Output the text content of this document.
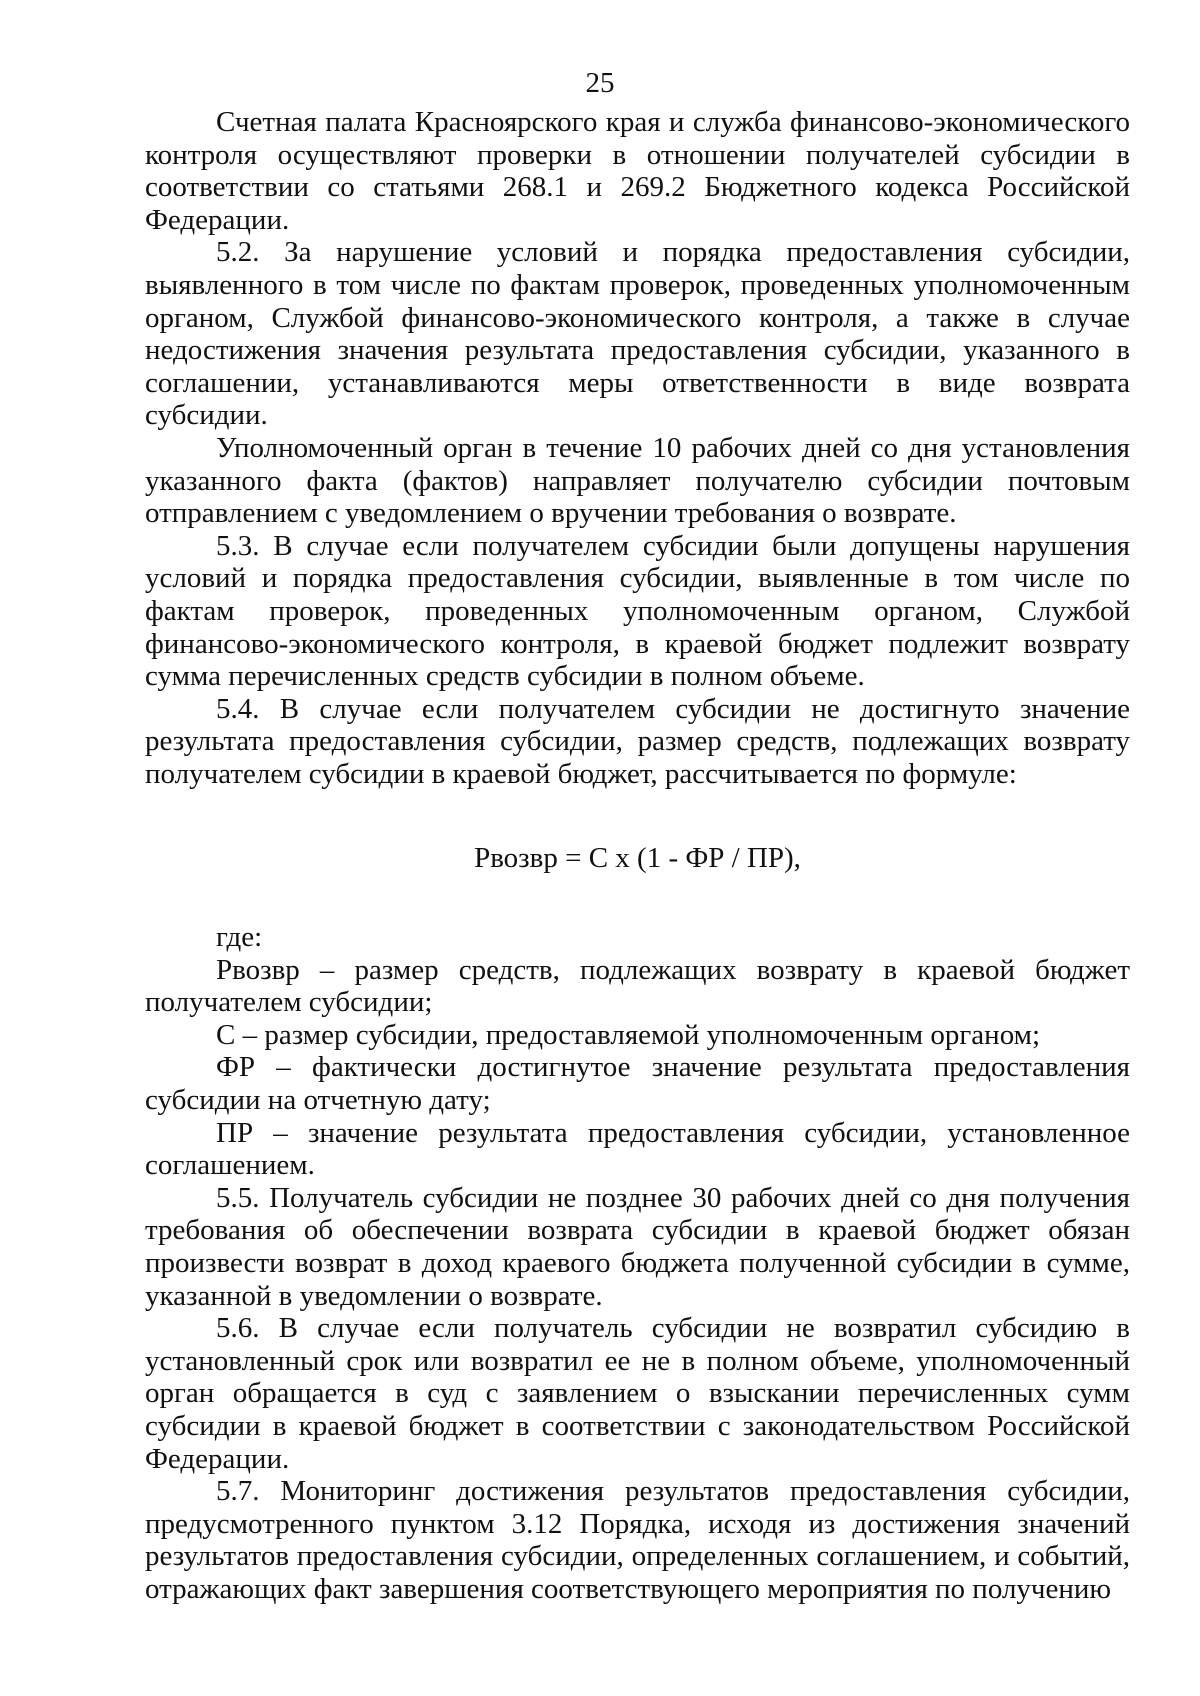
25

Счетная палата Красноярского края и служба финансово-экономического контроля осуществляют проверки в отношении получателей субсидии в соответствии со статьями 268.1 и 269.2 Бюджетного кодекса Российской Федерации.

5.2. За нарушение условий и порядка предоставления субсидии, выявленного в том числе по фактам проверок, проведенных уполномоченным органом, Службой финансово-экономического контроля, а также в случае недостижения значения результата предоставления субсидии, указанного в соглашении, устанавливаются меры ответственности в виде возврата субсидии.

Уполномоченный орган в течение 10 рабочих дней со дня установления указанного факта (фактов) направляет получателю субсидии почтовым отправлением с уведомлением о вручении требования о возврате.

5.3. В случае если получателем субсидии были допущены нарушения условий и порядка предоставления субсидии, выявленные в том числе по фактам проверок, проведенных уполномоченным органом, Службой финансово-экономического контроля, в краевой бюджет подлежит возврату сумма перечисленных средств субсидии в полном объеме.

5.4. В случае если получателем субсидии не достигнуто значение результата предоставления субсидии, размер средств, подлежащих возврату получателем субсидии в краевой бюджет, рассчитывается по формуле:

Рвозвр = С х (1 - ФР / ПР),

где:

Рвозвр – размер средств, подлежащих возврату в краевой бюджет получателем субсидии;

С – размер субсидии, предоставляемой уполномоченным органом;

ФР – фактически достигнутое значение результата предоставления субсидии на отчетную дату;

ПР – значение результата предоставления субсидии, установленное соглашением.

5.5. Получатель субсидии не позднее 30 рабочих дней со дня получения требования об обеспечении возврата субсидии в краевой бюджет обязан произвести возврат в доход краевого бюджета полученной субсидии в сумме, указанной в уведомлении о возврате.

5.6. В случае если получатель субсидии не возвратил субсидию в установленный срок или возвратил ее не в полном объеме, уполномоченный орган обращается в суд с заявлением о взыскании перечисленных сумм субсидии в краевой бюджет в соответствии с законодательством Российской Федерации.

5.7. Мониторинг достижения результатов предоставления субсидии, предусмотренного пунктом 3.12 Порядка, исходя из достижения значений результатов предоставления субсидии, определенных соглашением, и событий, отражающих факт завершения соответствующего мероприятия по получению
